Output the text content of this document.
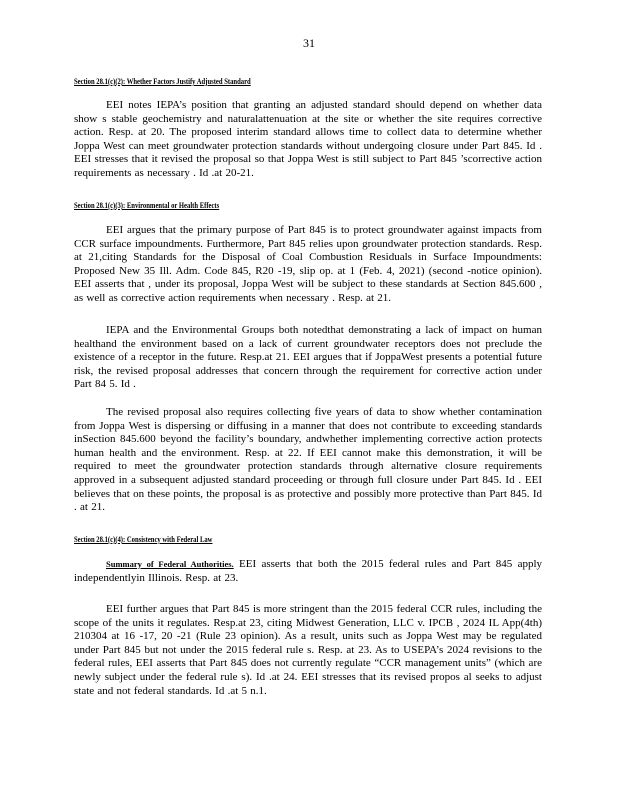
31
Section 28.1(c)(2): Whether Factors Justify Adjusted Standard
EEI notes IEPA’s position that granting an adjusted standard should depend on whether data show s stable geochemistry and naturalattenuation at the site or whether the site requires corrective action. Resp. at 20. The proposed interim standard allows time to collect data to determine whether Joppa West can meet groundwater protection standards without undergoing closure under Part 845. Id . EEI stresses that it revised the proposal so that Joppa West is still subject to Part 845 ’scorrective action requirements as necessary . Id .at 20-21.
Section 28.1(c)(3): Environmental or Health Effects
EEI argues that the primary purpose of Part 845 is to protect groundwater against impacts from CCR surface impoundments. Furthermore, Part 845 relies upon groundwater protection standards. Resp. at 21,citing Standards for the Disposal of Coal Combustion Residuals in Surface Impoundments: Proposed New 35 Ill. Adm. Code 845, R20 -19, slip op. at 1 (Feb. 4, 2021) (second -notice opinion). EEI asserts that , under its proposal, Joppa West will be subject to these standards at Section 845.600 , as well as corrective action requirements when necessary . Resp. at 21.
IEPA and the Environmental Groups both notedthat demonstrating a lack of impact on human healthand the environment based on a lack of current groundwater receptors does not preclude the existence of a receptor in the future. Resp.at 21. EEI argues that if JoppaWest presents a potential future risk, the revised proposal addresses that concern through the requirement for corrective action under Part 84 5. Id .
The revised proposal also requires collecting five years of data to show whether contamination from Joppa West is dispersing or diffusing in a manner that does not contribute to exceeding standards inSection 845.600 beyond the facility’s boundary, andwhether implementing corrective action protects human health and the environment. Resp. at 22. If EEI cannot make this demonstration, it will be required to meet the groundwater protection standards through alternative closure requirements approved in a subsequent adjusted standard proceeding or through full closure under Part 845. Id . EEI believes that on these points, the proposal is as protective and possibly more protective than Part 845. Id . at 21.
Section 28.1(c)(4): Consistency with Federal Law
Summary of Federal Authorities. EEI asserts that both the 2015 federal rules and Part 845 apply independentlyin Illinois. Resp. at 23.
EEI further argues that Part 845 is more stringent than the 2015 federal CCR rules, including the scope of the units it regulates. Resp.at 23, citing Midwest Generation, LLC v. IPCB , 2024 IL App(4th) 210304 at 16 -17, 20 -21 (Rule 23 opinion). As a result, units such as Joppa West may be regulated under Part 845 but not under the 2015 federal rule s. Resp. at 23. As to USEPA’s 2024 revisions to the federal rules, EEI asserts that Part 845 does not currently regulate “CCR management units” (which are newly subject under the federal rule s). Id .at 24. EEI stresses that its revised propos al seeks to adjust state and not federal standards. Id .at 5 n.1.
